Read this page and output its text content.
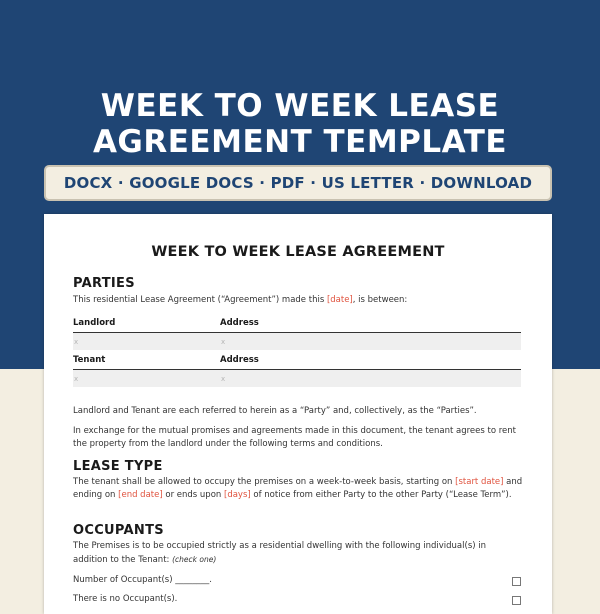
WEEK TO WEEK LEASE
AGREEMENT TEMPLATE
DOCX · GOOGLE DOCS · PDF · US LETTER · DOWNLOAD
WEEK TO WEEK LEASE AGREEMENT
PARTIES
This residential Lease Agreement (“Agreement”) made this [date], is between:
Landlord	Address
x	x
Tenant	Address
x	x
Landlord and Tenant are each referred to herein as a “Party” and, collectively, as the “Parties”.
In exchange for the mutual promises and agreements made in this document, the tenant agrees to rent the property from the landlord under the following terms and conditions.
LEASE TYPE
The tenant shall be allowed to occupy the premises on a week-to-week basis, starting on [start date] and ending on [end date] or ends upon [days] of notice from either Party to the other Party (“Lease Term”).
OCCUPANTS
The Premises is to be occupied strictly as a residential dwelling with the following individual(s) in addition to the Tenant: (check one)
Number of Occupant(s) ________.
There is no Occupant(s).
